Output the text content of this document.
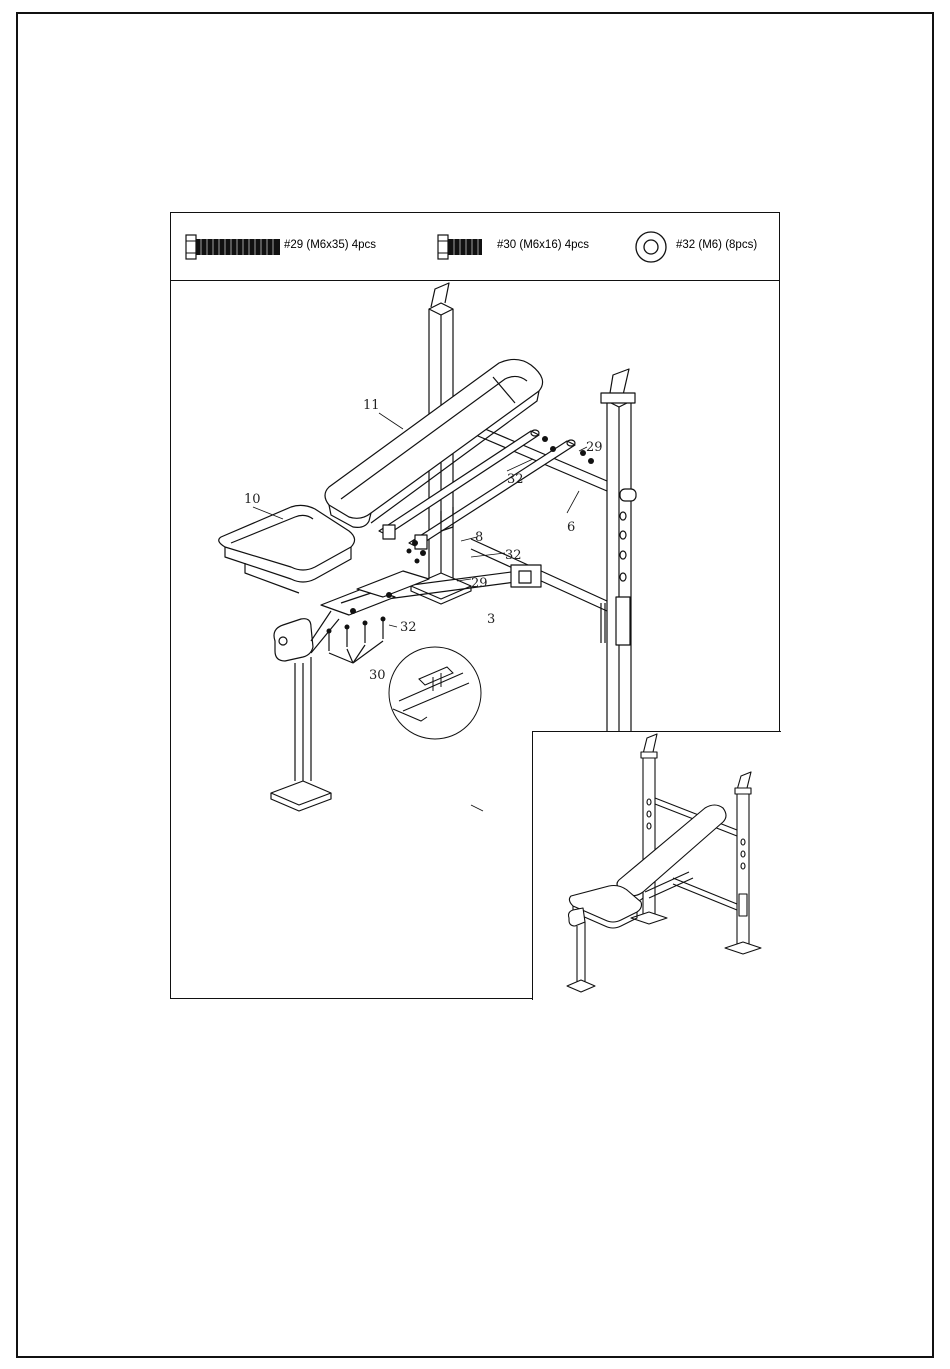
#29 (M6x35) 4pcs	#30 (M6x16) 4pcs	#32 (M6) (8pcs)
11
10
32
29
6
8
32
29
3
32
30
